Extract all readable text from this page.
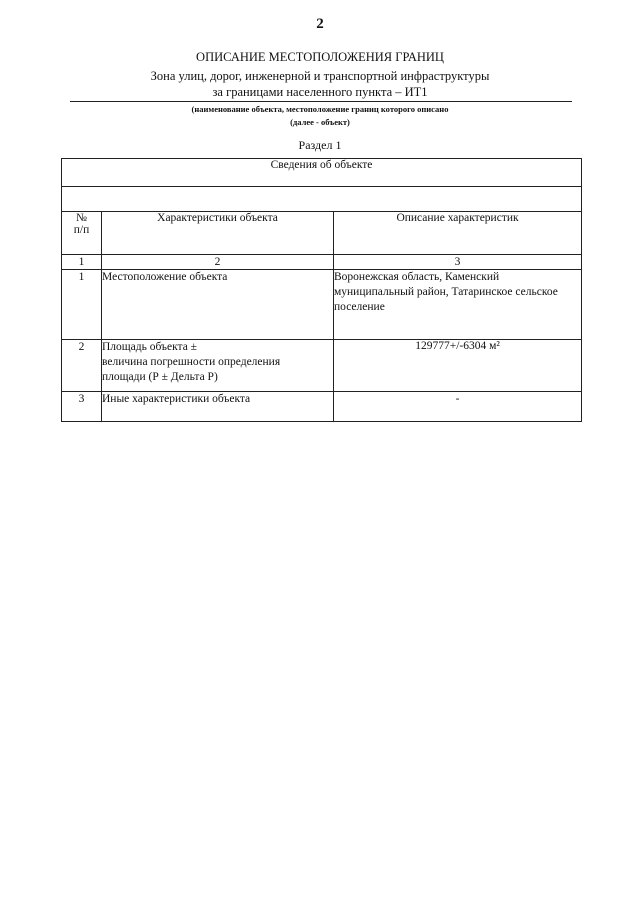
2
ОПИСАНИЕ МЕСТОПОЛОЖЕНИЯ ГРАНИЦ
Зона улиц, дорог, инженерной и транспортной инфраструктуры
за границами населенного пункта – ИТ1
(наименование объекта, местоположение границ которого описано
(далее - объект)
Раздел 1
Сведения об объекте		

№
п/п	Характеристики объекта	Описание характеристик
1	2	3
1	Местоположение объекта	Воронежская область, Каменский муниципальный район, Татаринское сельское поселение
2	Площадь объекта ±
величина погрешности определения
площади (Р ± Дельта Р)	129777+/-6304 м²
3	Иные характеристики объекта	-
